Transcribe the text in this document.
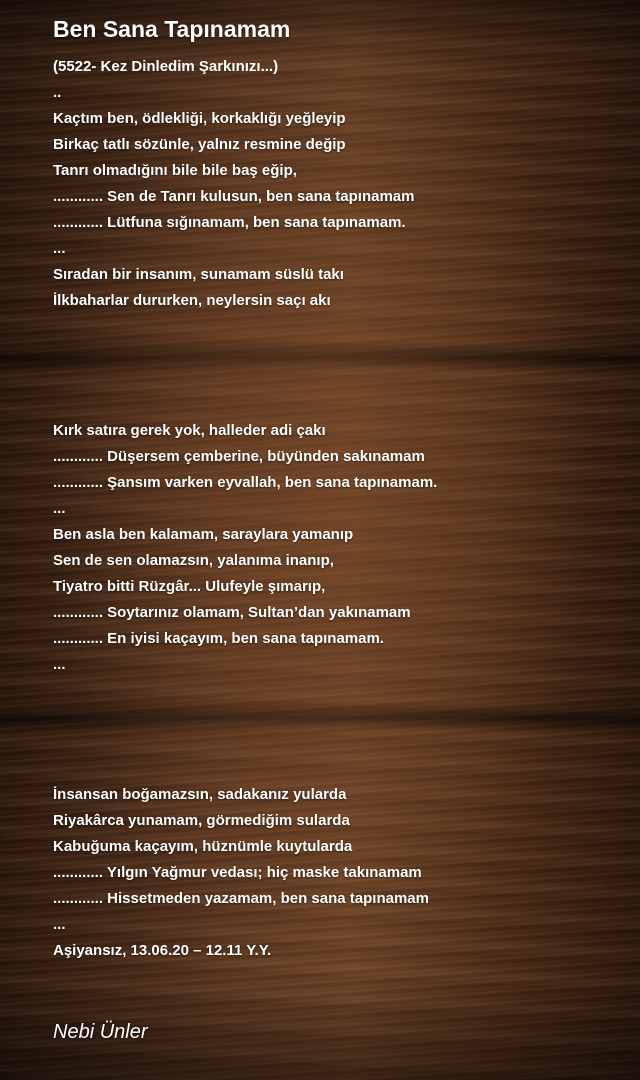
Ben Sana Tapınamam
(5522- Kez Dinledim Şarkınızı...)
..
Kaçtım ben, ödlekliği, korkaklığı yeğleyip
Birkaç tatlı sözünle, yalnız resmine değip
Tanrı olmadığını bile bile baş eğip,
............ Sen de Tanrı kulusun, ben sana tapınamam
............ Lütfuna sığınamam, ben sana tapınamam.
...
Sıradan bir insanım, sunamam süslü takı
İlkbaharlar dururken, neylersin saçı akı
Kırk satıra gerek yok, halleder adi çakı
............ Düşersem çemberine, büyünden sakınamam
............ Şansım varken eyvallah, ben sana tapınamam.
...
Ben asla ben kalamam, saraylara yamanıp
Sen de sen olamazsın, yalanıma inanıp,
Tiyatro bitti Rüzgâr... Ulufeyle şımarıp,
............ Soytarınız olamam, Sultan’dan yakınamam
............ En iyisi kaçayım, ben sana tapınamam.
...
İnsansan boğamazsın, sadakanız yularda
Riyakârca yunamam, görmediğim sularda
Kabuğuma kaçayım, hüznümle kuytularda
............ Yılgın Yağmur vedası; hiç maske takınamam
............ Hissetmeden yazamam, ben sana tapınamam
...
Aşiyansız, 13.06.20 – 12.11 Y.Y.
Nebi Ünler
